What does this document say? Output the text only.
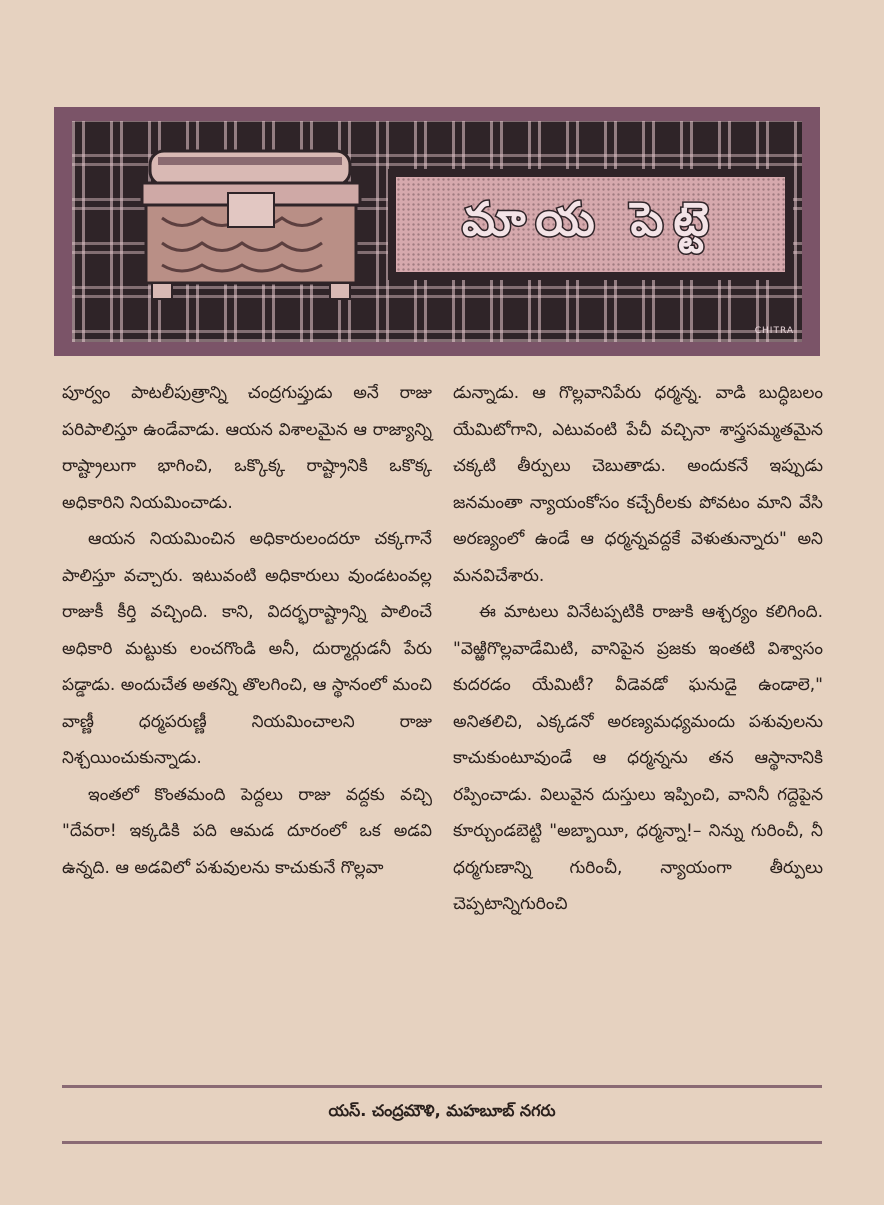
మాయ పెట్టె
CHITRA

పూర్వం పాటలీపుత్రాన్ని చంద్రగుప్తుడు అనే రాజు పరిపాలిస్తూ ఉండేవాడు. ఆయన విశాలమైన ఆ రాజ్యాన్ని రాష్ట్రాలుగా భాగించి, ఒక్కొక్క రాష్ట్రానికి ఒకొక్క అధికారిని నియమించాడు.

ఆయన నియమించిన అధికారులందరూ చక్కగానే పాలిస్తూ వచ్చారు. ఇటువంటి అధికారులు వుండటంవల్ల రాజుకీ కీర్తి వచ్చింది. కాని, విదర్భరాష్ట్రాన్ని పాలించే అధికారి మట్టుకు లంచగొండి అనీ, దుర్మార్గుడనీ పేరు పడ్డాడు. అందుచేత అతన్ని తొలగించి, ఆ స్థానంలో మంచి వాణ్ణీ ధర్మపరుణ్ణీ నియమించాలని రాజు నిశ్చయించుకున్నాడు.

ఇంతలో కొంతమంది పెద్దలు రాజు వద్దకు వచ్చి "దేవరా! ఇక్కడికి పది ఆమడ దూరంలో ఒక అడవి ఉన్నది. ఆ అడవిలో పశువులను కాచుకునే గొల్లవా

డున్నాడు. ఆ గొల్లవానిపేరు ధర్మన్న. వాడి బుద్ధిబలం యేమిటోగాని, ఎటువంటి పేచీ వచ్చినా శాస్త్రసమ్మతమైన చక్కటి తీర్పులు చెబుతాడు. అందుకనే ఇప్పుడు జనమంతా న్యాయంకోసం కచ్చేరీలకు పోవటం మాని వేసి అరణ్యంలో ఉండే ఆ ధర్మన్నవద్దకే వెళుతున్నారు" అని మనవిచేశారు.

ఈ మాటలు వినేటప్పటికి రాజుకి ఆశ్చర్యం కలిగింది. "వెఱ్ఱిగొల్లవాడేమిటి, వానిపైన ప్రజకు ఇంతటి విశ్వాసం కుదరడం యేమిటీ? వీడెవడో ఘనుడై ఉండాలె," అనితలిచి, ఎక్కడనో అరణ్యమధ్యమందు పశువులను కాచుకుంటూవుండే ఆ ధర్మన్నను తన ఆస్థానానికి రప్పించాడు. విలువైన దుస్తులు ఇప్పించి, వానినీ గద్దెపైన కూర్చుండబెట్టి "అబ్బాయీ, ధర్మన్నా!– నిన్ను గురించీ, నీ ధర్మగుణాన్ని గురించీ, న్యాయంగా తీర్పులు చెప్పటాన్నిగురించి

యస్. చంద్రమౌళి, మహబూబ్ నగరు
